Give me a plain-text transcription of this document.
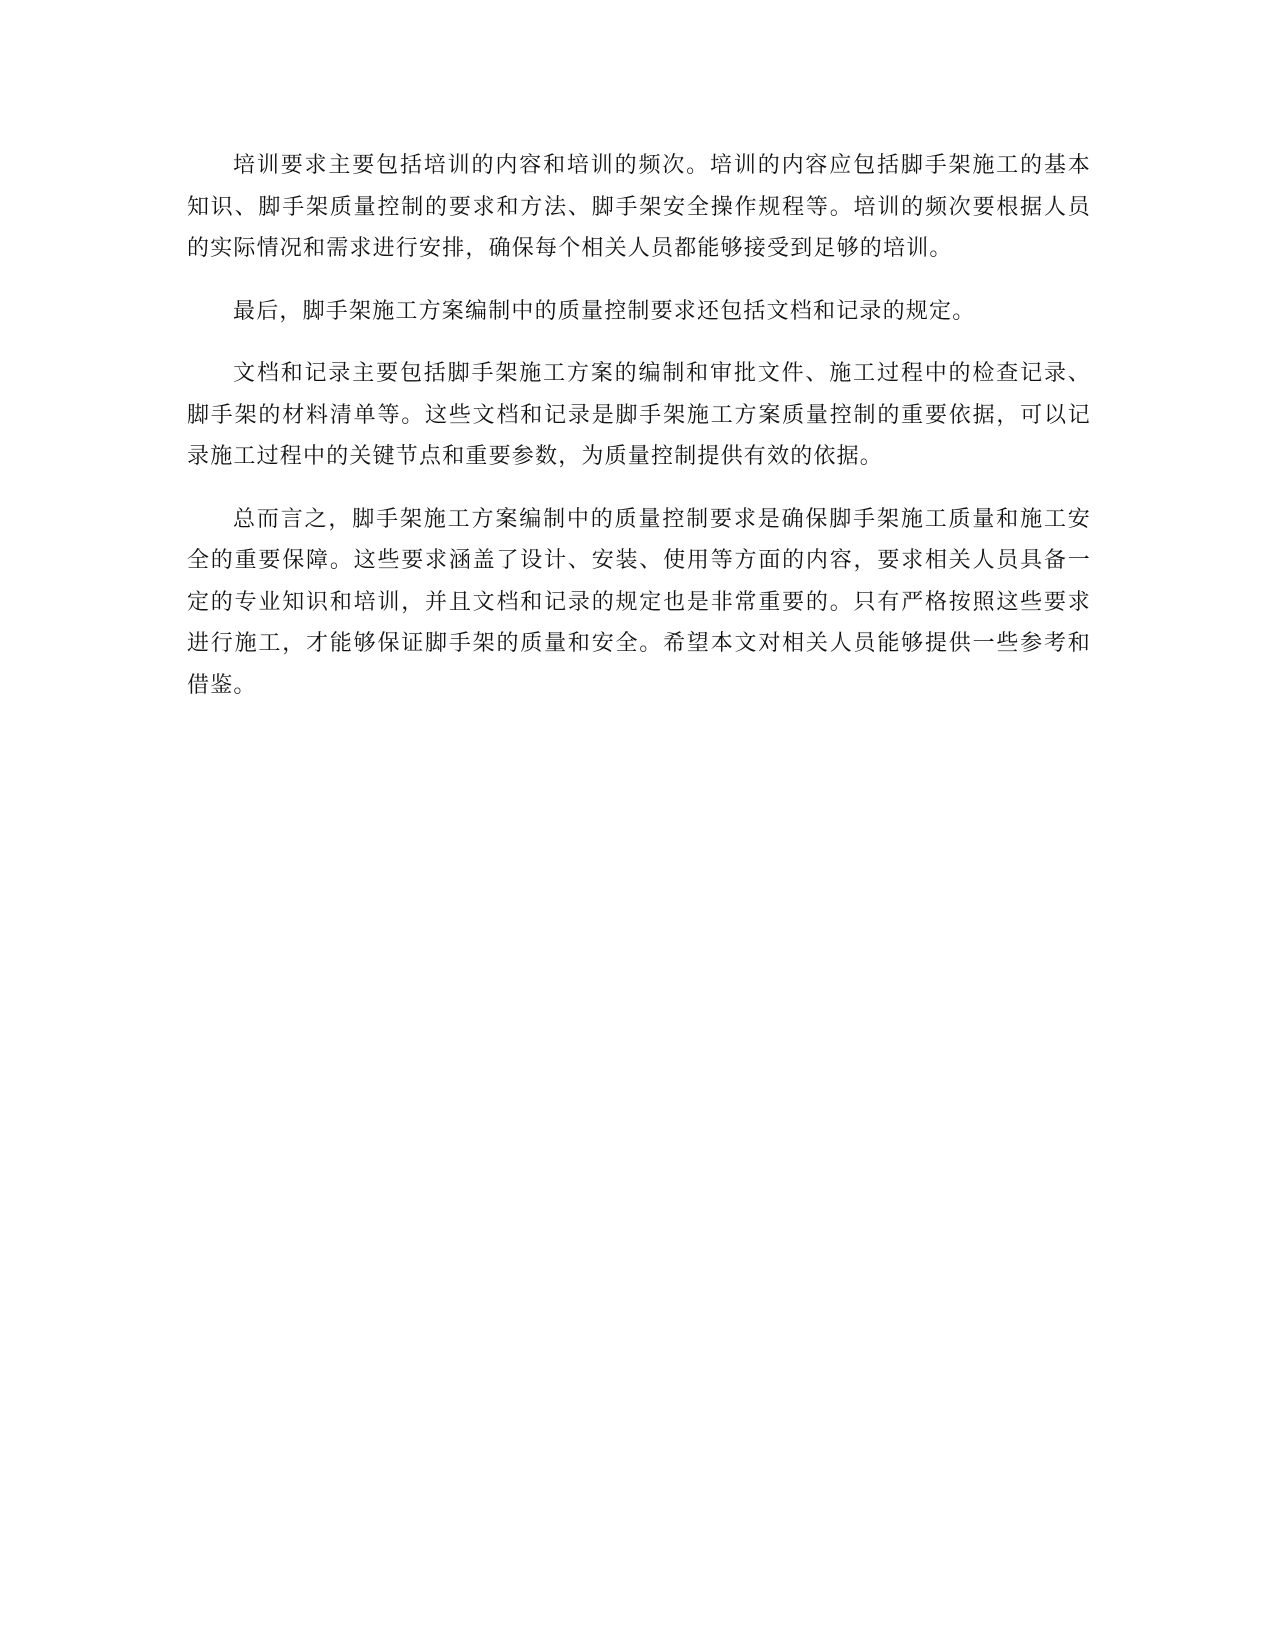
培训要求主要包括培训的内容和培训的频次。培训的内容应包括脚手架施工的基本知识、脚手架质量控制的要求和方法、脚手架安全操作规程等。培训的频次要根据人员的实际情况和需求进行安排，确保每个相关人员都能够接受到足够的培训。

最后，脚手架施工方案编制中的质量控制要求还包括文档和记录的规定。

文档和记录主要包括脚手架施工方案的编制和审批文件、施工过程中的检查记录、脚手架的材料清单等。这些文档和记录是脚手架施工方案质量控制的重要依据，可以记录施工过程中的关键节点和重要参数，为质量控制提供有效的依据。

总而言之，脚手架施工方案编制中的质量控制要求是确保脚手架施工质量和施工安全的重要保障。这些要求涵盖了设计、安装、使用等方面的内容，要求相关人员具备一定的专业知识和培训，并且文档和记录的规定也是非常重要的。只有严格按照这些要求进行施工，才能够保证脚手架的质量和安全。希望本文对相关人员能够提供一些参考和借鉴。
